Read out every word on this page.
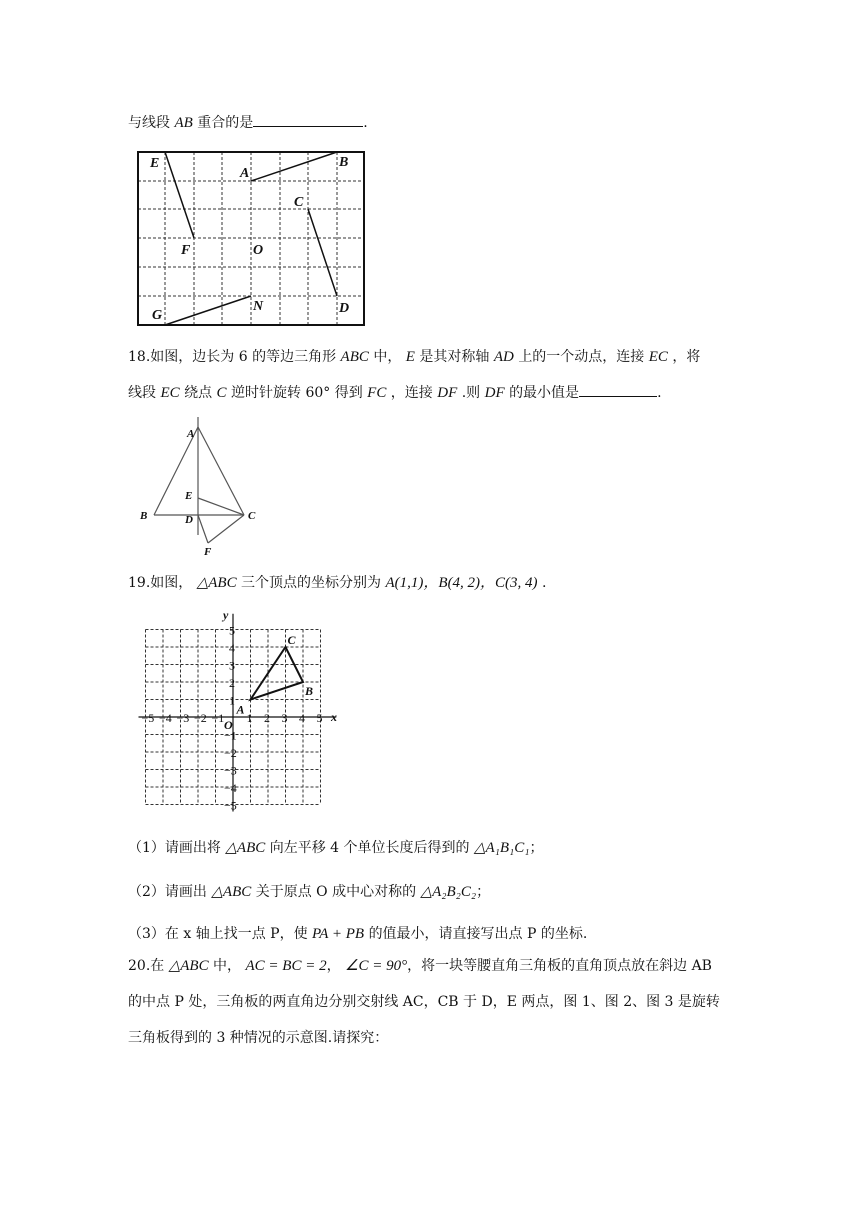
与线段 AB 重合的是	.
E
A
B
C
F	O
D
N
G
18.如图，边长为 6 的等边三角形 ABC 中， E 是其对称轴 AD 上的一个动点，连接 EC ，将
线段 EC 绕点 C 逆时针旋转 60° 得到 FC ，连接 DF .则 DF 的最小值是	.
A
B	C
D
E
F
19.如图， △ABC 三个顶点的坐标分别为 A(1,1)，B(4, 2)，C(3, 4) .
−5 −4 −3 −2 −1 1 2 3 4 5
5
4
3
2
1
−1
−2
−3
−4
−5
A
B
C
x
y
O
（1）请画出将 △ABC 向左平移 4 个单位长度后得到的 △A₁B₁C₁；
（2）请画出 △ABC 关于原点 O 成中心对称的 △A₂B₂C₂；
（3）在 x 轴上找一点 P，使 PA + PB 的值最小，请直接写出点 P 的坐标.
20.在 △ABC 中， AC = BC = 2， ∠C = 90°，将一块等腰直角三角板的直角顶点放在斜边 AB
的中点 P 处，三角板的两直角边分别交射线 AC，CB 于 D，E 两点，图 1、图 2、图 3 是旋转
三角板得到的 3 种情况的示意图.请探究：
